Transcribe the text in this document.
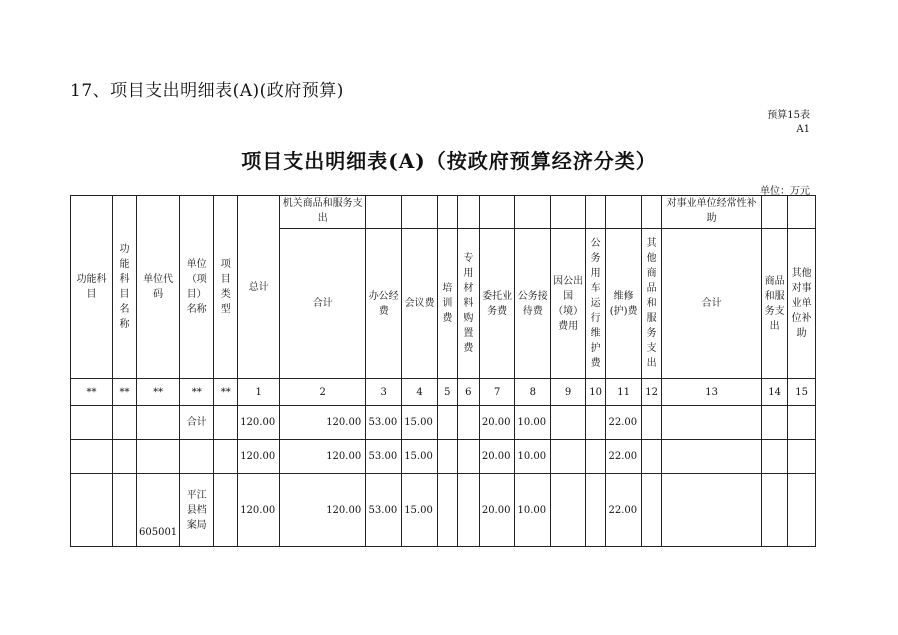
17、项目支出明细表(A)(政府预算)
预算15表
A1
项目支出明细表(A)（按政府预算经济分类）
单位：万元
功能科目	功能科目名称	单位代码	单位（项目）名称	项目类型	总计	机关商品和服务支出											对事业单位经常性补助		
						合计	办公经费	会议费	培训费	专用材料购置费	委托业务费	公务接待费	因公出国（境）费用	公务用车运行维护费	维修(护)费	其他商品和服务支出	合计	商品和服务支出	其他对事业单位补助
**	**	**	**	**	1	2	3	4	5	6	7	8	9	10	11	12	13	14	15
			合计		120.00	120.00	53.00	15.00			20.00	10.00			22.00				
					120.00	120.00	53.00	15.00			20.00	10.00			22.00				
		605001	平江县档案局		120.00	120.00	53.00	15.00			20.00	10.00			22.00				
